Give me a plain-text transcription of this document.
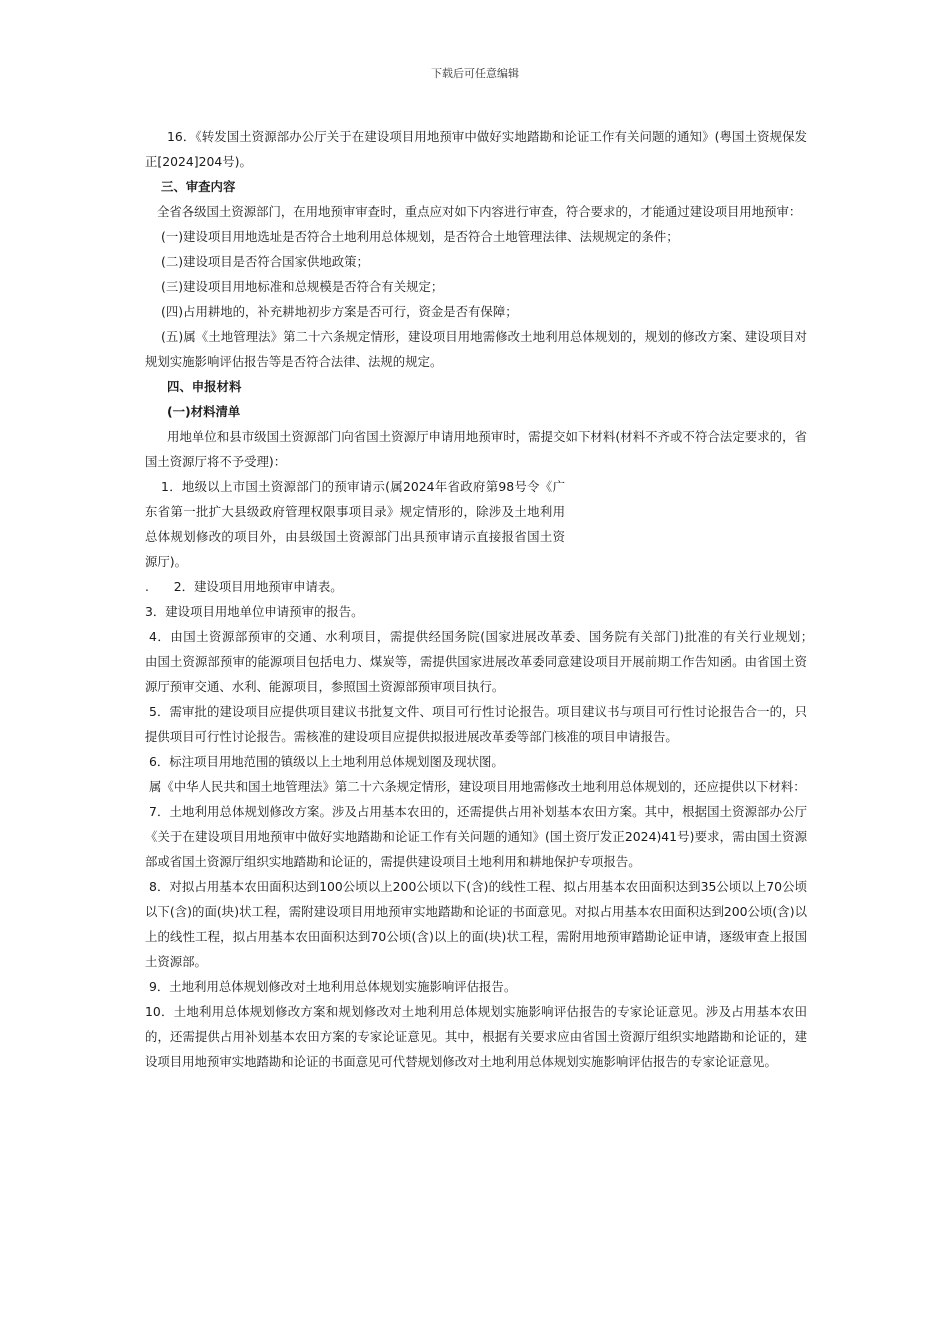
下载后可任意编辑

16．《转发国土资源部办公厅关于在建设项目用地预审中做好实地踏勘和论证工作有关问题的通知》(粤国土资规保发正[2024]204号)。

三、审查内容

全省各级国土资源部门，在用地预审审查时，重点应对如下内容进行审查，符合要求的，才能通过建设项目用地预审：

(一)建设项目用地选址是否符合土地利用总体规划，是否符合土地管理法律、法规规定的条件；

(二)建设项目是否符合国家供地政策；

(三)建设项目用地标准和总规模是否符合有关规定；

(四)占用耕地的，补充耕地初步方案是否可行，资金是否有保障；

(五)属《土地管理法》第二十六条规定情形，建设项目用地需修改土地利用总体规划的，规划的修改方案、建设项目对规划实施影响评估报告等是否符合法律、法规的规定。

四、申报材料

(一)材料清单

用地单位和县市级国土资源部门向省国土资源厅申请用地预审时，需提交如下材料(材料不齐或不符合法定要求的，省国土资源厅将不予受理)：

1．地级以上市国土资源部门的预审请示(属2024年省政府第98号令《广东省第一批扩大县级政府管理权限事项目录》规定情形的，除涉及土地利用总体规划修改的项目外，由县级国土资源部门出具预审请示直接报省国土资源厅)。

.　　2．建设项目用地预审申请表。

3．建设项目用地单位申请预审的报告。

4．由国土资源部预审的交通、水利项目，需提供经国务院(国家进展改革委、国务院有关部门)批准的有关行业规划；　　由国土资源部预审的能源项目包括电力、煤炭等，需提供国家进展改革委同意建设项目开展前期工作告知函。由省国土资源厅预审交通、水利、能源项目，参照国土资源部预审项目执行。

5．需审批的建设项目应提供项目建议书批复文件、项目可行性讨论报告。项目建议书与项目可行性讨论报告合一的，只提供项目可行性讨论报告。需核准的建设项目应提供拟报进展改革委等部门核准的项目申请报告。

6．标注项目用地范围的镇级以上土地利用总体规划图及现状图。

属《中华人民共和国土地管理法》第二十六条规定情形，建设项目用地需修改土地利用总体规划的，还应提供以下材料：

7．土地利用总体规划修改方案。涉及占用基本农田的，还需提供占用补划基本农田方案。其中，根据国土资源部办公厅《关于在建设项目用地预审中做好实地踏勘和论证工作有关问题的通知》(国土资厅发正2024)41号)要求，需由国土资源部或省国土资源厅组织实地踏勘和论证的，需提供建设项目土地利用和耕地保护专项报告。

8．对拟占用基本农田面积达到100公顷以上200公顷以下(含)的线性工程、拟占用基本农田面积达到35公顷以上70公顷以下(含)的面(块)状工程，需附建设项目用地预审实地踏勘和论证的书面意见。对拟占用基本农田面积达到200公顷(含)以上的线性工程，拟占用基本农田面积达到70公顷(含)以上的面(块)状工程，需附用地预审踏勘论证申请，逐级审查上报国土资源部。

9．土地利用总体规划修改对土地利用总体规划实施影响评估报告。

10．土地利用总体规划修改方案和规划修改对土地利用总体规划实施影响评估报告的专家论证意见。涉及占用基本农田的，还需提供占用补划基本农田方案的专家论证意见。其中，根据有关要求应由省国土资源厅组织实地踏勘和论证的，建设项目用地预审实地踏勘和论证的书面意见可代替规划修改对土地利用总体规划实施影响评估报告的专家论证意见。
